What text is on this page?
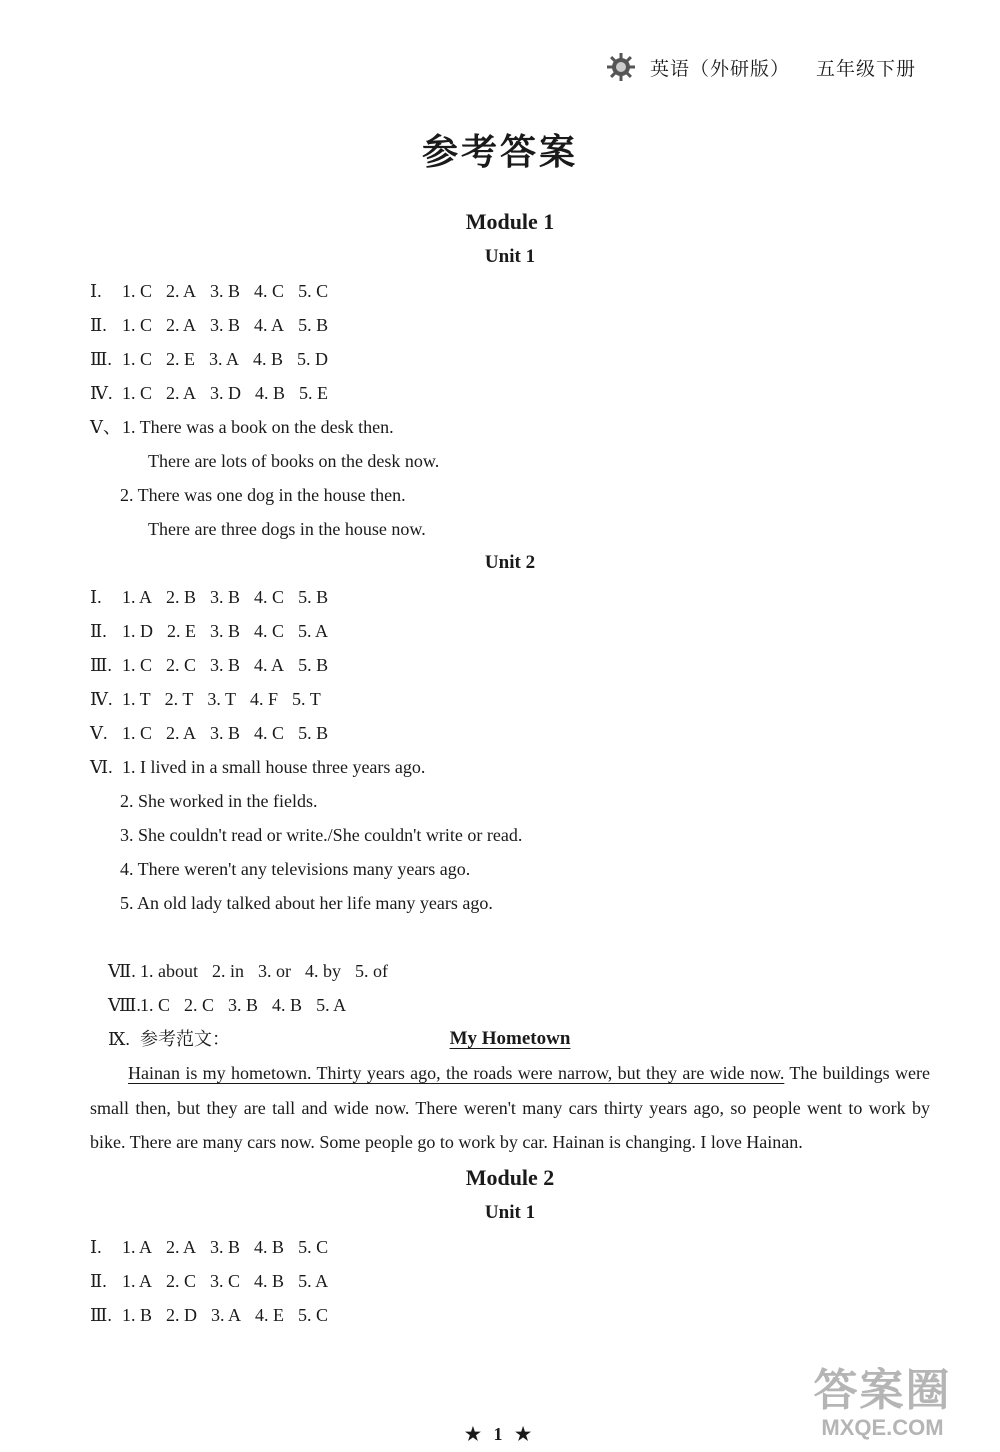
英语（外研版） 五年级下册
参考答案
Module 1
Unit 1
Ⅰ. 1. C 2. A 3. B 4. C 5. C
Ⅱ. 1. C 2. A 3. B 4. A 5. B
Ⅲ. 1. C 2. E 3. A 4. B 5. D
Ⅳ. 1. C 2. A 3. D 4. B 5. E
Ⅴ、1. There was a book on the desk then.
There are lots of books on the desk now.
2. There was one dog in the house then.
There are three dogs in the house now.
Unit 2
Ⅰ. 1. A 2. B 3. B 4. C 5. B
Ⅱ. 1. D 2. E 3. B 4. C 5. A
Ⅲ. 1. C 2. C 3. B 4. A 5. B
Ⅳ. 1. T 2. T 3. T 4. F 5. T
Ⅴ. 1. C 2. A 3. B 4. C 5. B
Ⅵ. 1. I lived in a small house three years ago.
2. She worked in the fields.
3. She couldn't read or write./She couldn't write or read.
4. There weren't any televisions many years ago.
5. An old lady talked about her life many years ago.

Ⅶ. 1. about 2. in 3. or 4. by 5. of

Ⅷ.1. C 2. C 3. B 4. B 5. A

Ⅸ. 参考范文：
	My Hometown

Hainan is my hometown. Thirty years ago, the roads were narrow, but they are wide now. The buildings were small then, but they are tall and wide now. There weren't many cars thirty years ago, so people went to work by bike. There are many cars now. Some people go to work by car. Hainan is changing. I love Hainan.

Module 2
Unit 1
Ⅰ. 1. A 2. A 3. B 4. B 5. C
Ⅱ. 1. A 2. C 3. C 4. B 5. A
Ⅲ. 1. B 2. D 3. A 4. E 5. C
★ 1 ★
答案圈
MXQE.COM
